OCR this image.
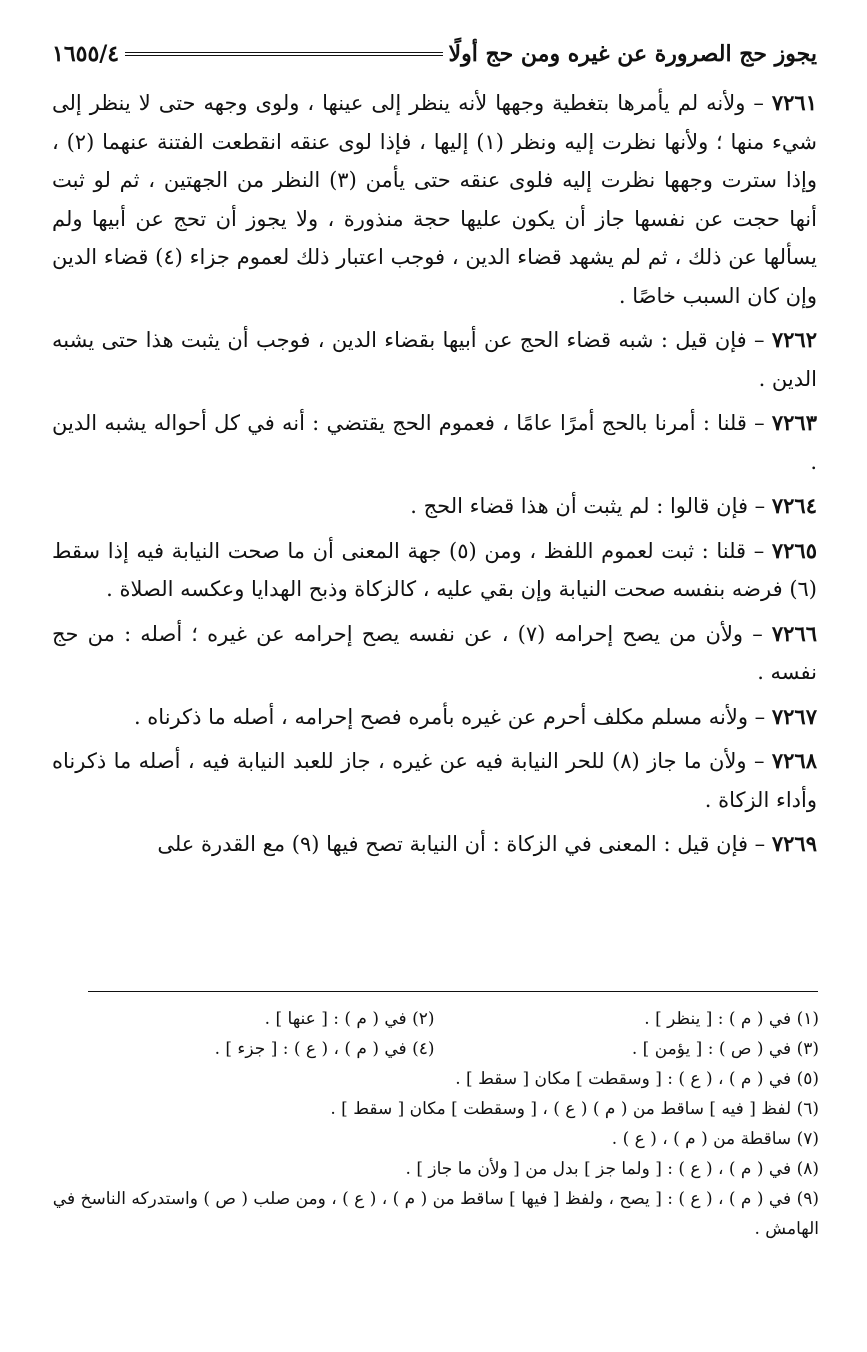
يجوز حج الصرورة عن غيره ومن حج أولًا
١٦٥٥/٤

٧٢٦١ – ولأنه لم يأمرها بتغطية وجهها لأنه ينظر إلى عينها ، ولوى وجهه حتى لا ينظر إلى شيء منها ؛ ولأنها نظرت إليه ونظر (١) إليها ، فإذا لوى عنقه انقطعت الفتنة عنهما (٢) ، وإذا سترت وجهها نظرت إليه فلوى عنقه حتى يأمن (٣) النظر من الجهتين ، ثم لو ثبت أنها حجت عن نفسها جاز أن يكون عليها حجة منذورة ، ولا يجوز أن تحج عن أبيها ولم يسألها عن ذلك ، ثم لم يشهد قضاء الدين ، فوجب اعتبار ذلك لعموم جزاء (٤) قضاء الدين وإن كان السبب خاصًا .

٧٢٦٢ – فإن قيل : شبه قضاء الحج عن أبيها بقضاء الدين ، فوجب أن يثبت هذا حتى يشبه الدين .

٧٢٦٣ – قلنا : أمرنا بالحج أمرًا عامًا ، فعموم الحج يقتضي : أنه في كل أحواله يشبه الدين .

٧٢٦٤ – فإن قالوا : لم يثبت أن هذا قضاء الحج .

٧٢٦٥ – قلنا : ثبت لعموم اللفظ ، ومن (٥) جهة المعنى أن ما صحت النيابة فيه إذا سقط (٦) فرضه بنفسه صحت النيابة وإن بقي عليه ، كالزكاة وذبح الهدايا وعكسه الصلاة .

٧٢٦٦ – ولأن من يصح إحرامه (٧) ، عن نفسه يصح إحرامه عن غيره ؛ أصله : من حج نفسه .

٧٢٦٧ – ولأنه مسلم مكلف أحرم عن غيره بأمره فصح إحرامه ، أصله ما ذكرناه .

٧٢٦٨ – ولأن ما جاز (٨) للحر النيابة فيه عن غيره ، جاز للعبد النيابة فيه ، أصله ما ذكرناه وأداء الزكاة .

٧٢٦٩ – فإن قيل : المعنى في الزكاة : أن النيابة تصح فيها (٩) مع القدرة على

(١) في ( م ) : [ ينظر ] .
(٢) في ( م ) : [ عنها ] .
(٣) في ( ص ) : [ يؤمن ] .
(٤) في ( م ) ، ( ع ) : [ جزء ] .
(٥) في ( م ) ، ( ع ) : [ وسقطت ] مكان [ سقط ] .
(٦) لفظ [ فيه ] ساقط من ( م ) ( ع ) ، [ وسقطت ] مكان [ سقط ] .
(٧) ساقطة من ( م ) ، ( ع ) .
(٨) في ( م ) ، ( ع ) : [ ولما جز ] بدل من [ ولأن ما جاز ] .
(٩) في ( م ) ، ( ع ) : [ يصح ، ولفظ [ فيها ] ساقط من ( م ) ، ( ع ) ، ومن صلب ( ص ) واستدركه الناسخ في الهامش .
